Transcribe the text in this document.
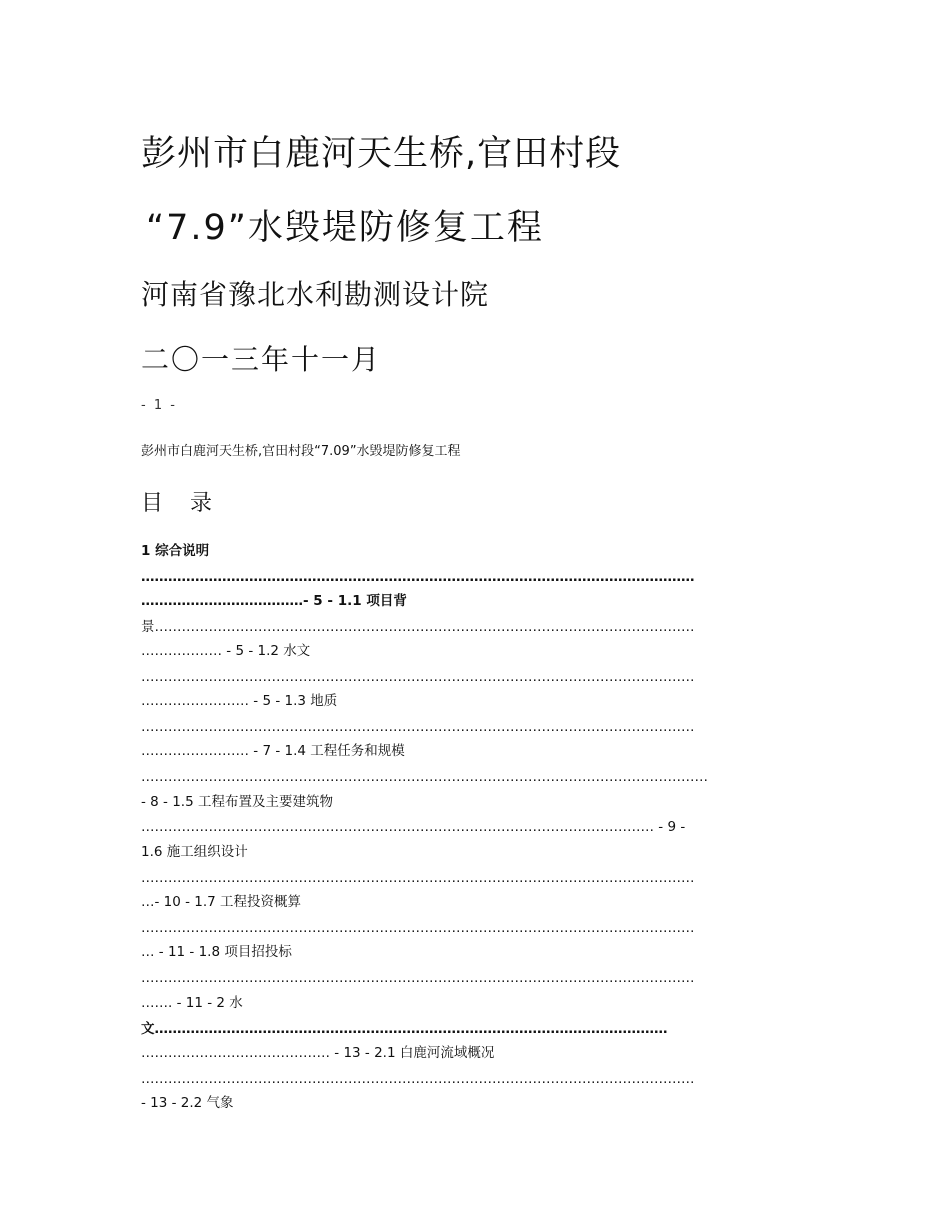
彭州市白鹿河天生桥,官田村段
“7.9”水毁堤防修复工程
河南省豫北水利勘测设计院
二〇一三年十一月
- 1 -
彭州市白鹿河天生桥,官田村段“7.09”水毁堤防修复工程
目 录
1 综合说明
……………………………………………………………………………………………………………
………………………………- 5 - 1.1 项目背
景…………………………………………………………………………………………………………
……………… - 5 - 1.2 水文
……………………………………………………………………………………………………………
…………………… - 5 - 1.3 地质
……………………………………………………………………………………………………………
…………………… - 7 - 1.4 工程任务和规模
………………………………………………………………………………………………………………
- 8 - 1.5 工程布置及主要建筑物
…………………………………………………………………………………………………… - 9 -
1.6 施工组织设计
……………………………………………………………………………………………………………
…- 10 - 1.7 工程投资概算
……………………………………………………………………………………………………………
… - 11 - 1.8 项目招投标
……………………………………………………………………………………………………………
……. - 11 - 2 水
文……………………………………………………………………………………………………
…………………………………… - 13 - 2.1 白鹿河流域概况
……………………………………………………………………………………………………………
- 13 - 2.2 气象
